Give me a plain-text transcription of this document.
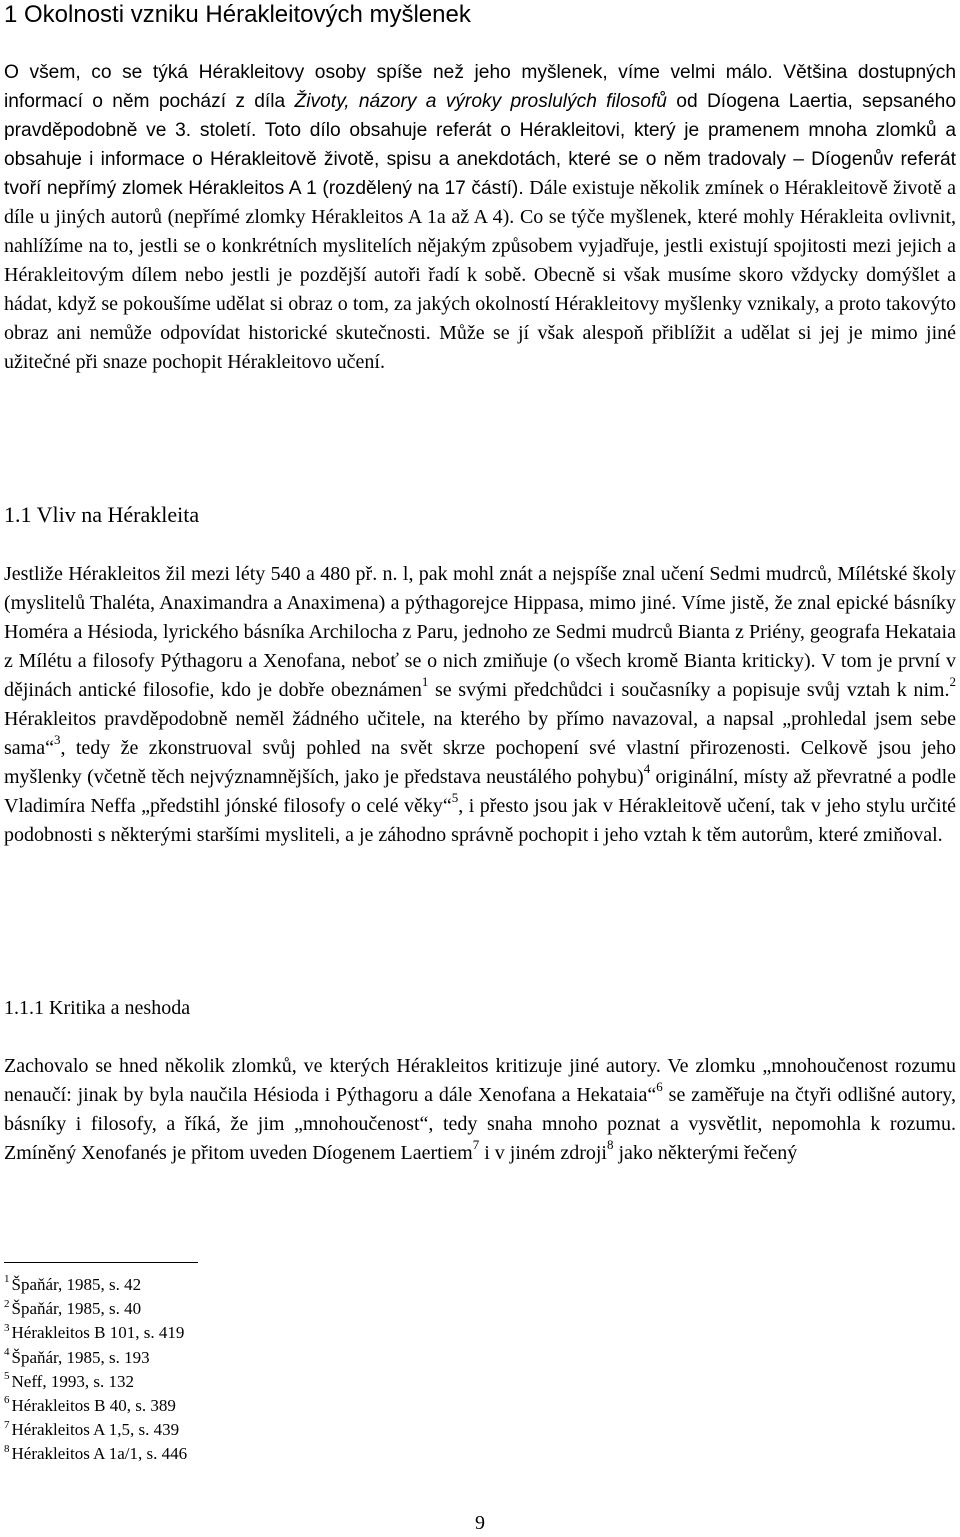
1 Okolnosti vzniku Hérakleitových myšlenek

O všem, co se týká Hérakleitovy osoby spíše než jeho myšlenek, víme velmi málo. Většina dostupných informací o něm pochází z díla Životy, názory a výroky proslulých filosofů od Díogena Laertia, sepsaného pravděpodobně ve 3. století. Toto dílo obsahuje referát o Hérakleitovi, který je pramenem mnoha zlomků a obsahuje i informace o Hérakleitově životě, spisu a anekdotách, které se o něm tradovaly – Díogenův referát tvoří nepřímý zlomek Hérakleitos A 1 (rozdělený na 17 částí). Dále existuje několik zmínek o Hérakleitově životě a díle u jiných autorů (nepřímé zlomky Hérakleitos A 1a až A 4). Co se týče myšlenek, které mohly Hérakleita ovlivnit, nahlížíme na to, jestli se o konkrétních myslitelích nějakým způsobem vyjadřuje, jestli existují spojitosti mezi jejich a Hérakleitovým dílem nebo jestli je pozdější autoři řadí k sobě. Obecně si však musíme skoro vždycky domýšlet a hádat, když se pokoušíme udělat si obraz o tom, za jakých okolností Hérakleitovy myšlenky vznikaly, a proto takovýto obraz ani nemůže odpovídat historické skutečnosti. Může se jí však alespoň přiblížit a udělat si jej je mimo jiné užitečné při snaze pochopit Hérakleitovo učení.

1.1 Vliv na Hérakleita

Jestliže Hérakleitos žil mezi léty 540 a 480 př. n. l, pak mohl znát a nejspíše znal učení Sedmi mudrců, Mílétské školy (myslitelů Thaléta, Anaximandra a Anaximena) a pýthagorejce Hippasa, mimo jiné. Víme jistě, že znal epické básníky Homéra a Hésioda, lyrického básníka Archilocha z Paru, jednoho ze Sedmi mudrců Bianta z Priény, geografa Hekataia z Mílétu a filosofy Pýthagoru a Xenofana, neboť se o nich zmiňuje (o všech kromě Bianta kriticky). V tom je první v dějinách antické filosofie, kdo je dobře obeznámen$^1$ se svými předchůdci i současníky a popisuje svůj vztah k nim.$^2$ Hérakleitos pravděpodobně neměl žádného učitele, na kterého by přímo navazoval, a napsal „prohledal jsem sebe sama“$^3$, tedy že zkonstruoval svůj pohled na svět skrze pochopení své vlastní přirozenosti. Celkově jsou jeho myšlenky (včetně těch nejvýznamnějších, jako je představa neustálého pohybu)$^4$ originální, místy až převratné a podle Vladimíra Neffa „předstihl jónské filosofy o celé věky“$^5$, i přesto jsou jak v Hérakleitově učení, tak v jeho stylu určité podobnosti s některými staršími mysliteli, a je záhodno správně pochopit i jeho vztah k těm autorům, které zmiňoval.

1.1.1 Kritika a neshoda

Zachovalo se hned několik zlomků, ve kterých Hérakleitos kritizuje jiné autory. Ve zlomku „mnohoučenost rozumu nenaučí: jinak by byla naučila Hésioda i Pýthagoru a dále Xenofana a Hekataia“$^6$ se zaměřuje na čtyři odlišné autory, básníky i filosofy, a říká, že jim „mnohoučenost“, tedy snaha mnoho poznat a vysvětlit, nepomohla k rozumu. Zmíněný Xenofanés je přitom uveden Díogenem Laertiem$^7$ i v jiném zdroji$^8$ jako některými řečený

$^1$ Špaňár, 1985, s. 42
$^2$ Špaňár, 1985, s. 40
$^3$ Hérakleitos B 101, s. 419
$^4$ Špaňár, 1985, s. 193
$^5$ Neff, 1993, s. 132
$^6$ Hérakleitos B 40, s. 389
$^7$ Hérakleitos A 1,5, s. 439
$^8$ Hérakleitos A 1a/1, s. 446
9
